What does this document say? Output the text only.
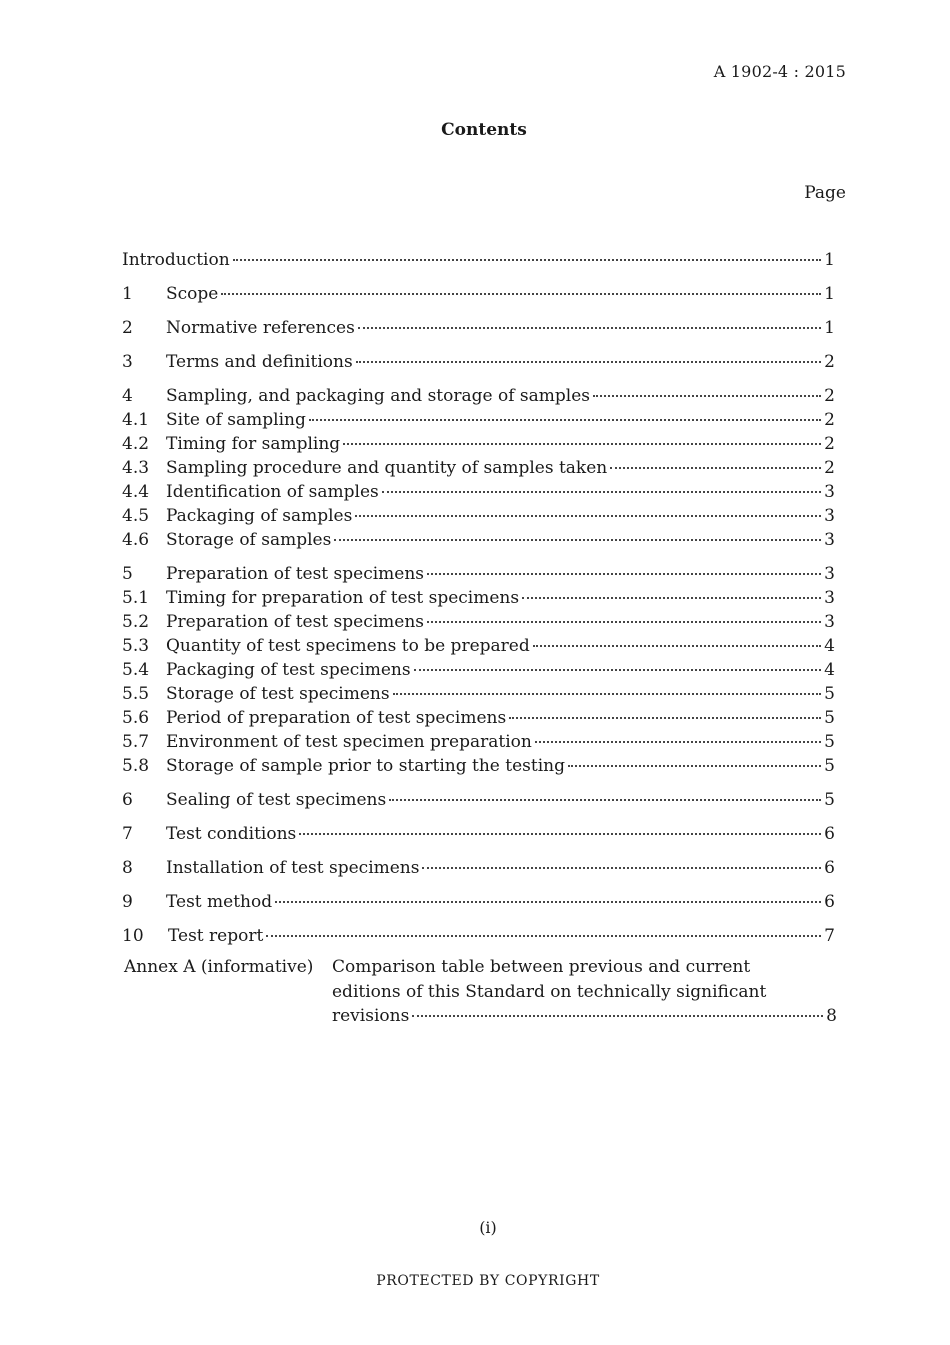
A 1902-4 : 2015
Contents
Page
Introduction	1
1	Scope	1
2	Normative references	1
3	Terms and definitions	2
4	Sampling, and packaging and storage of samples	2
4.1 Site of sampling	2
4.2 Timing for sampling	2
4.3 Sampling procedure and quantity of samples taken	2
4.4 Identification of samples	3
4.5 Packaging of samples	3
4.6 Storage of samples	3
5	Preparation of test specimens	3
5.1 Timing for preparation of test specimens	3
5.2 Preparation of test specimens	3
5.3 Quantity of test specimens to be prepared	4
5.4 Packaging of test specimens	4
5.5 Storage of test specimens	5
5.6 Period of preparation of test specimens	5
5.7 Environment of test specimen preparation	5
5.8 Storage of sample prior to starting the testing	5
6	Sealing of test specimens	5
7	Test conditions	6
8	Installation of test specimens	6
9	Test method	6
10	Test report	7
Annex A (informative) Comparison table between previous and current
editions of this Standard on technically significant
revisions	8
(i)
PROTECTED BY COPYRIGHT
